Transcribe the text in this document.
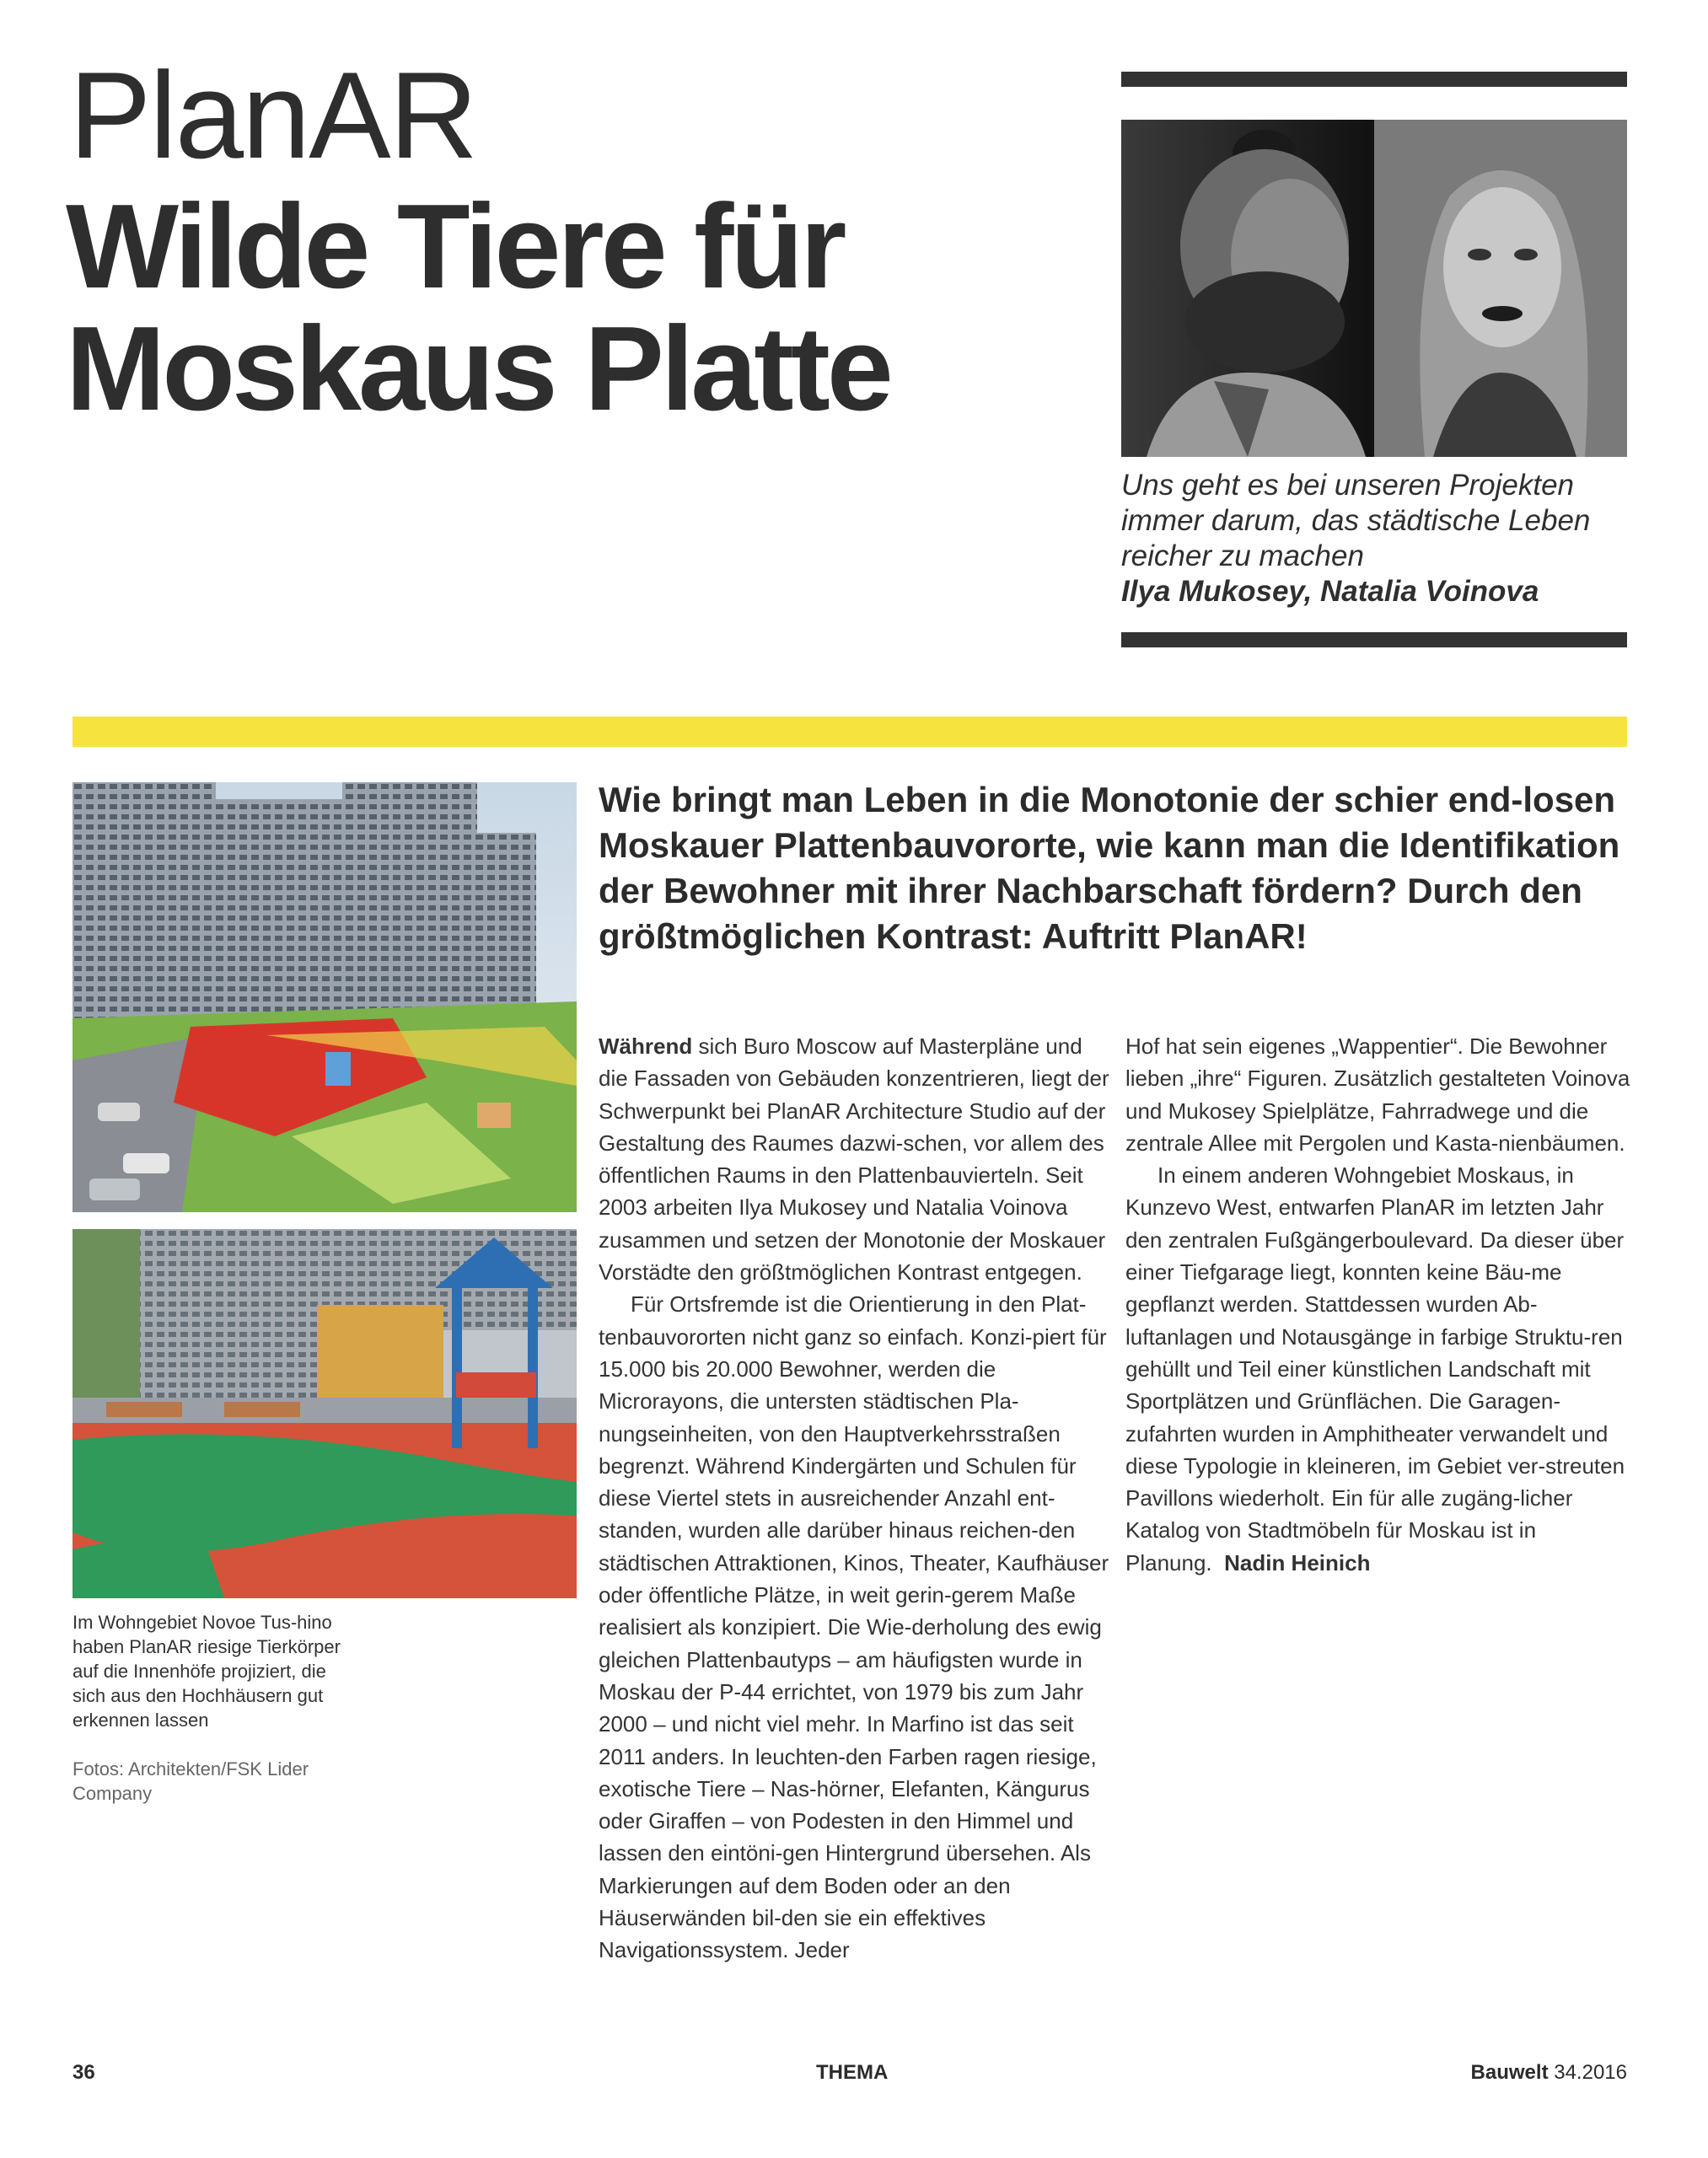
PlanAR
Wilde Tiere für Moskaus Platte
Uns geht es bei unseren Projekten immer darum, das städtische Leben reicher zu machen
Ilya Mukosey, Natalia Voinova
Im Wohngebiet Novoe Tus-hino haben PlanAR riesige Tierkörper auf die Innenhöfe projiziert, die sich aus den Hochhäusern gut erkennen lassen
Fotos: Architekten/FSK Lider Company
Wie bringt man Leben in die Monotonie der schier end-losen Moskauer Plattenbauvororte, wie kann man die Identifikation der Bewohner mit ihrer Nachbarschaft fördern? Durch den größtmöglichen Kontrast: Auftritt PlanAR!

Während sich Buro Moscow auf Masterpläne und die Fassaden von Gebäuden konzentrieren, liegt der Schwerpunkt bei PlanAR Architecture Studio auf der Gestaltung des Raumes dazwi-schen, vor allem des öffentlichen Raums in den Plattenbauvierteln. Seit 2003 arbeiten Ilya Mukosey und Natalia Voinova zusammen und setzen der Monotonie der Moskauer Vorstädte den größtmöglichen Kontrast entgegen.

Für Ortsfremde ist die Orientierung in den Plat-tenbauvororten nicht ganz so einfach. Konzi-piert für 15.000 bis 20.000 Bewohner, werden die Microrayons, die untersten städtischen Pla-nungseinheiten, von den Hauptverkehrsstraßen begrenzt. Während Kindergärten und Schulen für diese Viertel stets in ausreichender Anzahl ent-standen, wurden alle darüber hinaus reichen-den städtischen Attraktionen, Kinos, Theater, Kaufhäuser oder öffentliche Plätze, in weit gerin-gerem Maße realisiert als konzipiert. Die Wie-derholung des ewig gleichen Plattenbautyps – am häufigsten wurde in Moskau der P-44 errichtet, von 1979 bis zum Jahr 2000 – und nicht viel mehr. In Marfino ist das seit 2011 anders. In leuchten-den Farben ragen riesige, exotische Tiere – Nas-hörner, Elefanten, Kängurus oder Giraffen – von Podesten in den Himmel und lassen den eintöni-gen Hintergrund übersehen. Als Markierungen auf dem Boden oder an den Häuserwänden bil-den sie ein effektives Navigationssystem. Jeder

Hof hat sein eigenes „Wappentier“. Die Bewohner lieben „ihre“ Figuren. Zusätzlich gestalteten Voinova und Mukosey Spielplätze, Fahrradwege und die zentrale Allee mit Pergolen und Kasta-nienbäumen.

In einem anderen Wohngebiet Moskaus, in Kunzevo West, entwarfen PlanAR im letzten Jahr den zentralen Fußgängerboulevard. Da dieser über einer Tiefgarage liegt, konnten keine Bäu-me gepflanzt werden. Stattdessen wurden Ab-luftanlagen und Notausgänge in farbige Struktu-ren gehüllt und Teil einer künstlichen Landschaft mit Sportplätzen und Grünflächen. Die Garagen-zufahrten wurden in Amphitheater verwandelt und diese Typologie in kleineren, im Gebiet ver-streuten Pavillons wiederholt. Ein für alle zugäng-licher Katalog von Stadtmöbeln für Moskau ist in Planung. Nadin Heinich

36	THEMA	Bauwelt 34.2016
